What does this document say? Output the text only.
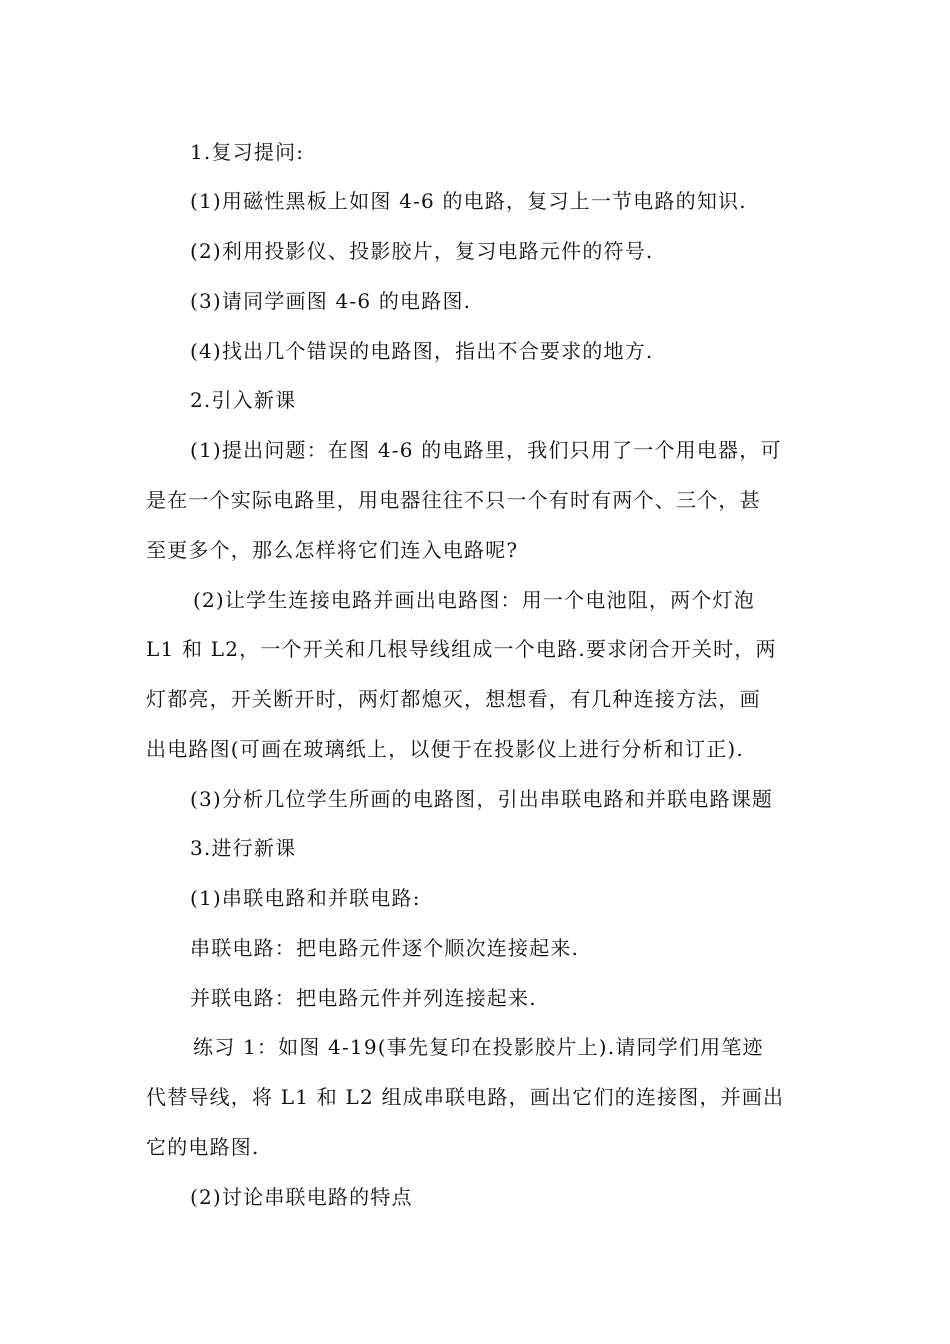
1.复习提问:
(1)用磁性黑板上如图 4-6 的电路，复习上一节电路的知识.
(2)利用投影仪、投影胶片，复习电路元件的符号.
(3)请同学画图 4-6 的电路图.
(4)找出几个错误的电路图，指出不合要求的地方.
2.引入新课
(1)提出问题：在图 4-6 的电路里，我们只用了一个用电器，可
是在一个实际电路里，用电器往往不只一个有时有两个、三个，甚
至更多个，那么怎样将它们连入电路呢?
(2)让学生连接电路并画出电路图：用一个电池阻，两个灯泡
L1 和 L2，一个开关和几根导线组成一个电路.要求闭合开关时，两
灯都亮，开关断开时，两灯都熄灭，想想看，有几种连接方法，画
出电路图(可画在玻璃纸上，以便于在投影仪上进行分析和订正).
(3)分析几位学生所画的电路图，引出串联电路和并联电路课题
3.进行新课
(1)串联电路和并联电路:
串联电路：把电路元件逐个顺次连接起来.
并联电路：把电路元件并列连接起来.
练习 1：如图 4-19(事先复印在投影胶片上).请同学们用笔迹
代替导线，将 L1 和 L2 组成串联电路，画出它们的连接图，并画出
它的电路图.
(2)讨论串联电路的特点
